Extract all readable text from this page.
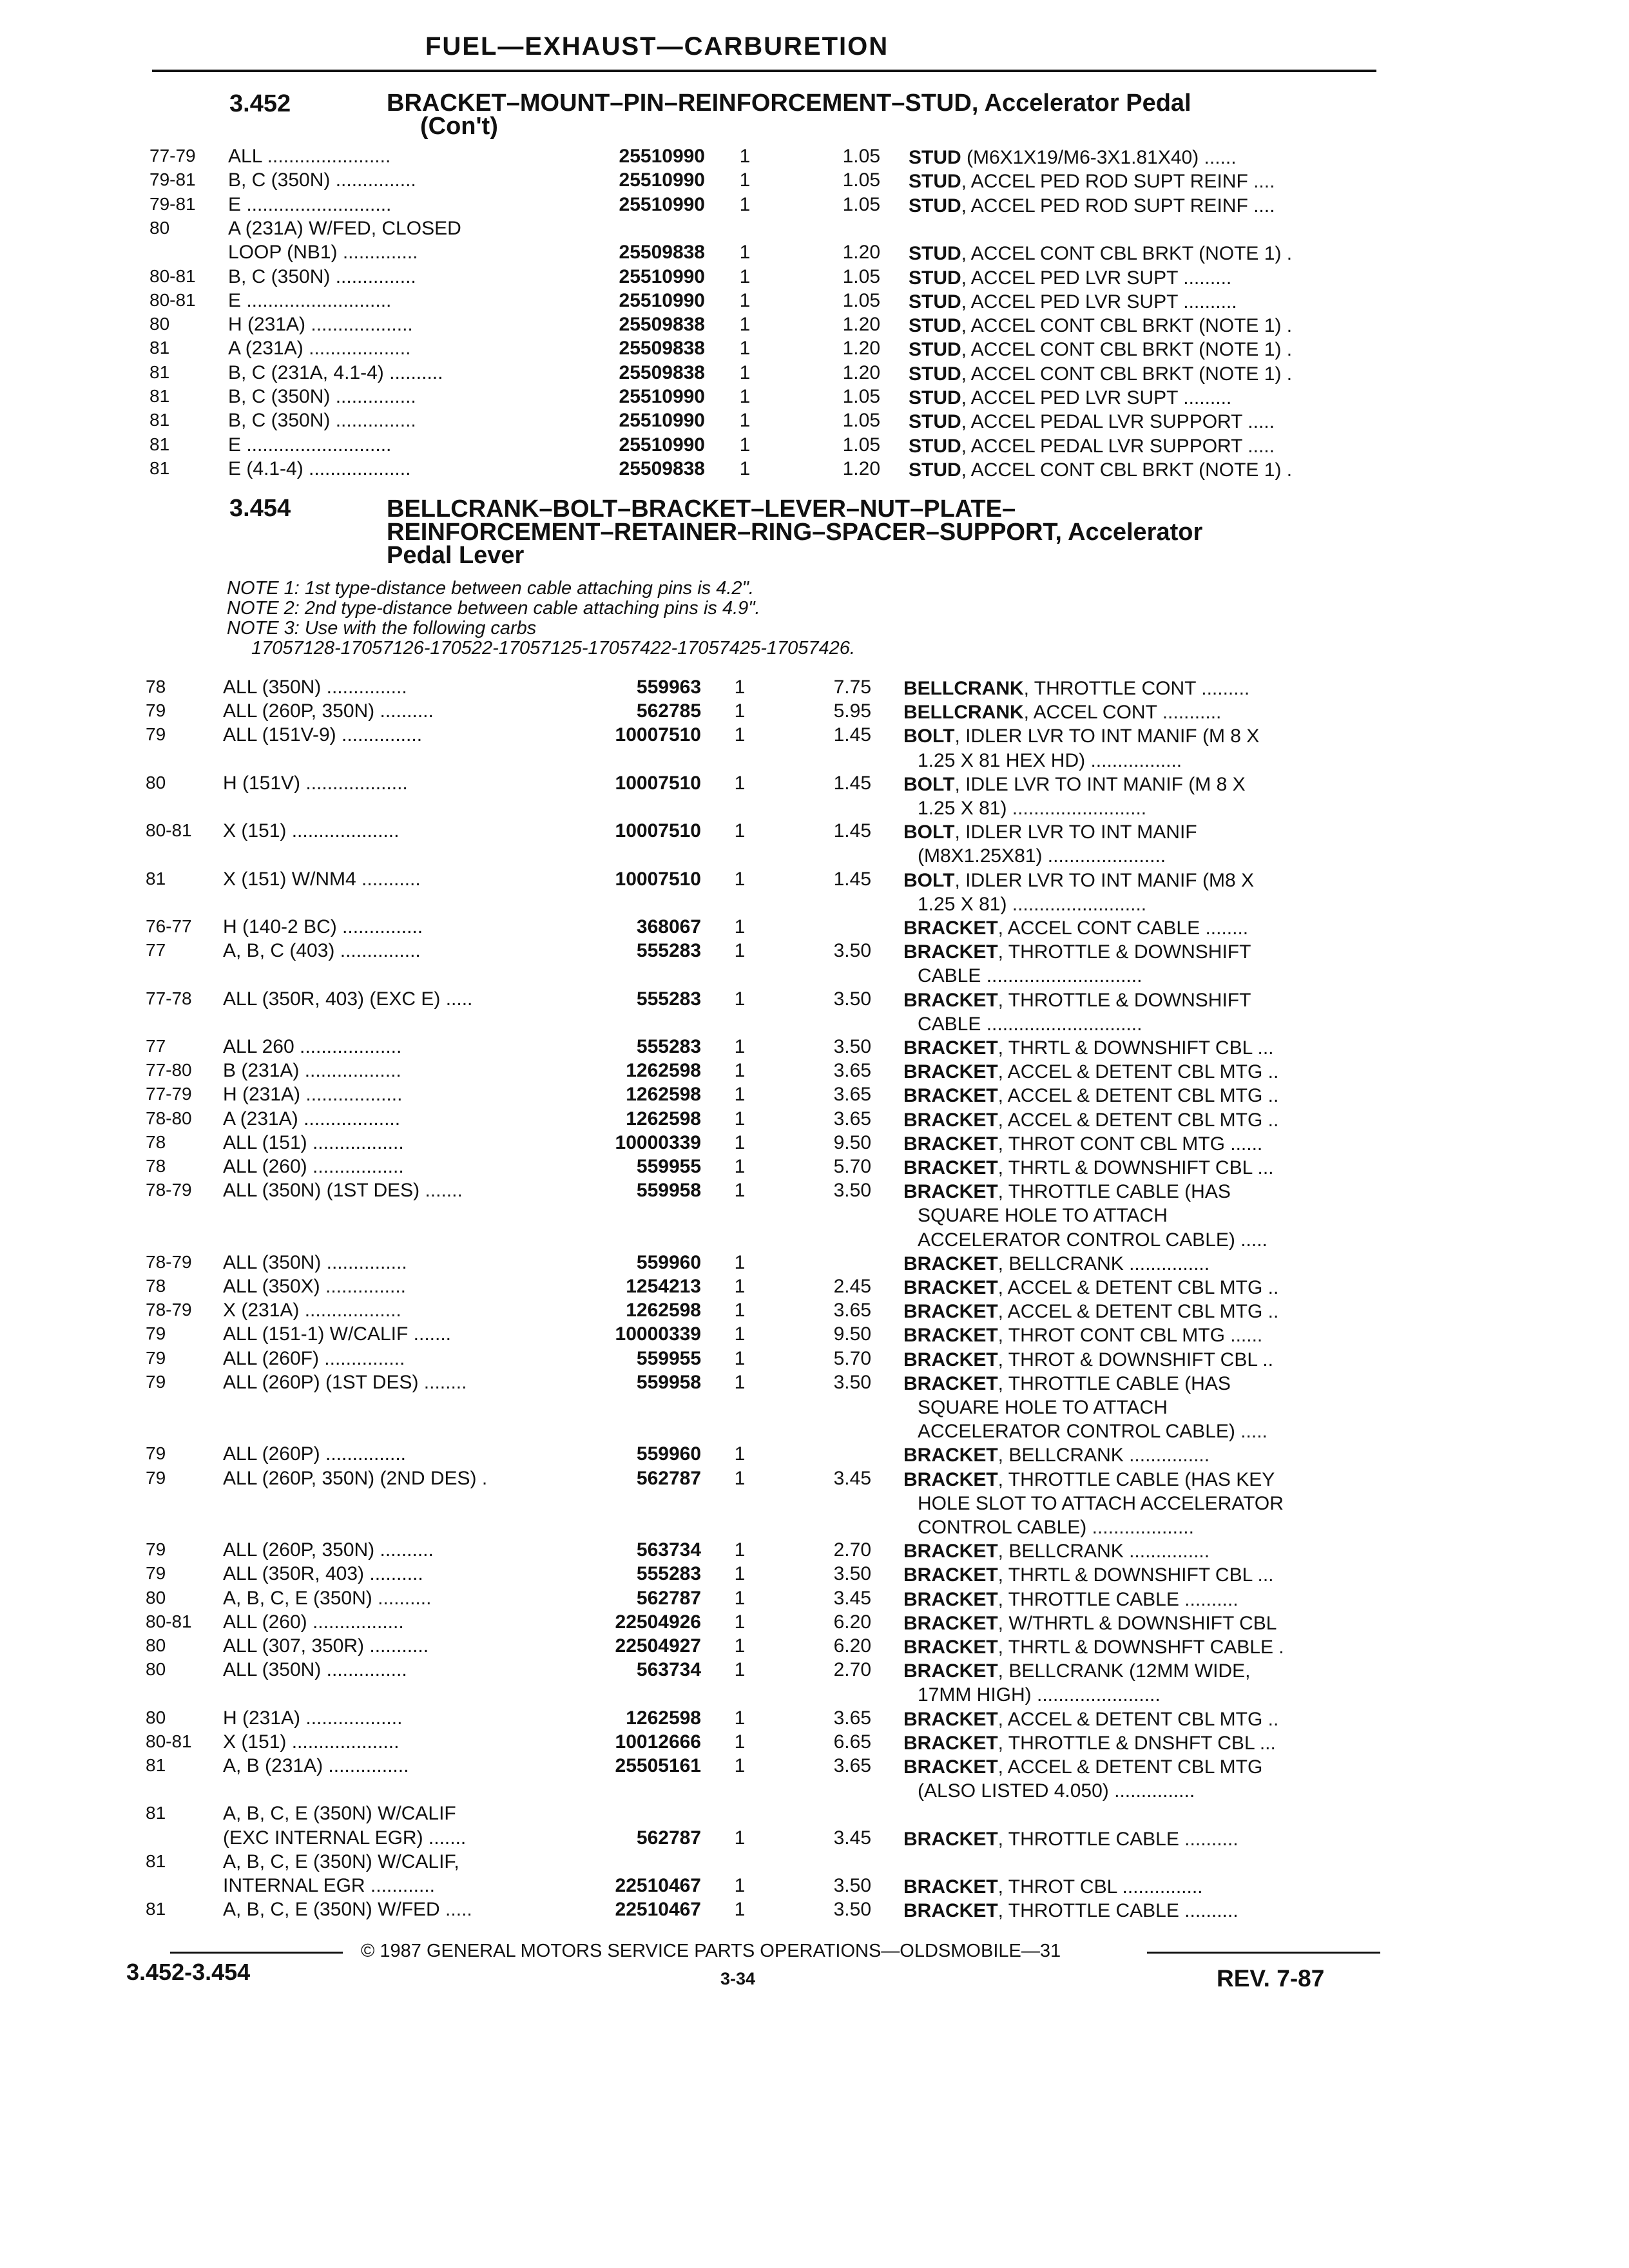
FUEL—EXHAUST—CARBURETION
3.452	BRACKET–MOUNT–PIN–REINFORCEMENT–STUD, Accelerator Pedal
(Con't)
77-79 ALL .......................	25510990 1	1.05 STUD (M6X1X19/M6-3X1.81X40) ......
79-81 B, C (350N) ...............	25510990 1	1.05 STUD, ACCEL PED ROD SUPT REINF ....
79-81 E ...........................	25510990 1	1.05 STUD, ACCEL PED ROD SUPT REINF ....
80	A (231A) W/FED, CLOSED
LOOP (NB1) ..............	25509838 1	1.20 STUD, ACCEL CONT CBL BRKT (NOTE 1) .
80-81 B, C (350N) ...............	25510990 1	1.05 STUD, ACCEL PED LVR SUPT .........
80-81 E ...........................	25510990 1	1.05 STUD, ACCEL PED LVR SUPT ..........
80	H (231A) ...................	25509838 1	1.20 STUD, ACCEL CONT CBL BRKT (NOTE 1) .
81	A (231A) ...................	25509838 1	1.20 STUD, ACCEL CONT CBL BRKT (NOTE 1) .
81	B, C (231A, 4.1-4) ..........	25509838 1	1.20 STUD, ACCEL CONT CBL BRKT (NOTE 1) .
81	B, C (350N) ...............	25510990 1	1.05 STUD, ACCEL PED LVR SUPT .........
81	B, C (350N) ...............	25510990 1	1.05 STUD, ACCEL PEDAL LVR SUPPORT .....
81	E ...........................	25510990 1	1.05 STUD, ACCEL PEDAL LVR SUPPORT .....
81	E (4.1-4) ...................	25509838 1	1.20 STUD, ACCEL CONT CBL BRKT (NOTE 1) .
3.454	BELLCRANK–BOLT–BRACKET–LEVER–NUT–PLATE–
REINFORCEMENT–RETAINER–RING–SPACER–SUPPORT, Accelerator
Pedal Lever
NOTE 1: 1st type-distance between cable attaching pins is 4.2".
NOTE 2: 2nd type-distance between cable attaching pins is 4.9".
NOTE 3: Use with the following carbs
17057128-17057126-170522-17057125-17057422-17057425-17057426.
78	ALL (350N) ...............	559963 1	7.75 BELLCRANK, THROTTLE CONT .........
79	ALL (260P, 350N) ..........	562785 1	5.95 BELLCRANK, ACCEL CONT ...........
79	ALL (151V-9) ...............	10007510 1	1.45 BOLT, IDLER LVR TO INT MANIF (M 8 X
1.25 X 81 HEX HD) .................
80	H (151V) ...................	10007510 1	1.45 BOLT, IDLE LVR TO INT MANIF (M 8 X
1.25 X 81) .........................
80-81 X (151) ....................	10007510 1	1.45 BOLT, IDLER LVR TO INT MANIF
(M8X1.25X81) ......................
81	X (151) W/NM4 ...........	10007510 1	1.45 BOLT, IDLER LVR TO INT MANIF (M8 X
1.25 X 81) .........................
76-77 H (140-2 BC) ...............	368067 1	BRACKET, ACCEL CONT CABLE ........
77	A, B, C (403) ...............	555283 1	3.50 BRACKET, THROTTLE & DOWNSHIFT
CABLE .............................
77-78 ALL (350R, 403) (EXC E) .....	555283 1	3.50 BRACKET, THROTTLE & DOWNSHIFT
CABLE .............................
77	ALL 260 ...................	555283 1	3.50 BRACKET, THRTL & DOWNSHIFT CBL ...
77-80 B (231A) ..................	1262598 1	3.65 BRACKET, ACCEL & DETENT CBL MTG ..
77-79 H (231A) ..................	1262598 1	3.65 BRACKET, ACCEL & DETENT CBL MTG ..
78-80 A (231A) ..................	1262598 1	3.65 BRACKET, ACCEL & DETENT CBL MTG ..
78	ALL (151) .................	10000339 1	9.50 BRACKET, THROT CONT CBL MTG ......
78	ALL (260) .................	559955 1	5.70 BRACKET, THRTL & DOWNSHIFT CBL ...
78-79 ALL (350N) (1ST DES) .......	559958 1	3.50 BRACKET, THROTTLE CABLE (HAS
SQUARE HOLE TO ATTACH
ACCELERATOR CONTROL CABLE) .....
78-79 ALL (350N) ...............	559960 1	BRACKET, BELLCRANK ...............
78	ALL (350X) ...............	1254213 1	2.45 BRACKET, ACCEL & DETENT CBL MTG ..
78-79 X (231A) ..................	1262598 1	3.65 BRACKET, ACCEL & DETENT CBL MTG ..
79	ALL (151-1) W/CALIF .......	10000339 1	9.50 BRACKET, THROT CONT CBL MTG ......
79	ALL (260F) ...............	559955 1	5.70 BRACKET, THROT & DOWNSHIFT CBL ..
79	ALL (260P) (1ST DES) ........	559958 1	3.50 BRACKET, THROTTLE CABLE (HAS
SQUARE HOLE TO ATTACH
ACCELERATOR CONTROL CABLE) .....
79	ALL (260P) ...............	559960 1	BRACKET, BELLCRANK ...............
79	ALL (260P, 350N) (2ND DES) .	562787 1	3.45 BRACKET, THROTTLE CABLE (HAS KEY
HOLE SLOT TO ATTACH ACCELERATOR
CONTROL CABLE) ...................
79	ALL (260P, 350N) ..........	563734 1	2.70 BRACKET, BELLCRANK ...............
79	ALL (350R, 403) ..........	555283 1	3.50 BRACKET, THRTL & DOWNSHIFT CBL ...
80	A, B, C, E (350N) ..........	562787 1	3.45 BRACKET, THROTTLE CABLE ..........
80-81 ALL (260) .................	22504926 1	6.20 BRACKET, W/THRTL & DOWNSHIFT CBL
80	ALL (307, 350R) ...........	22504927 1	6.20 BRACKET, THRTL & DOWNSHFT CABLE .
80	ALL (350N) ...............	563734 1	2.70 BRACKET, BELLCRANK (12MM WIDE,
17MM HIGH) .......................
80	H (231A) ..................	1262598 1	3.65 BRACKET, ACCEL & DETENT CBL MTG ..
80-81 X (151) ....................	10012666 1	6.65 BRACKET, THROTTLE & DNSHFT CBL ...
81	A, B (231A) ...............	25505161 1	3.65 BRACKET, ACCEL & DETENT CBL MTG
(ALSO LISTED 4.050) ...............
81	A, B, C, E (350N) W/CALIF
(EXC INTERNAL EGR) .......	562787 1	3.45 BRACKET, THROTTLE CABLE ..........
81	A, B, C, E (350N) W/CALIF,
INTERNAL EGR ............	22510467 1	3.50 BRACKET, THROT CBL ...............
81	A, B, C, E (350N) W/FED .....	22510467 1	3.50 BRACKET, THROTTLE CABLE ..........
© 1987 GENERAL MOTORS SERVICE PARTS OPERATIONS—OLDSMOBILE—31
3.452-3.454	3-34	REV. 7-87
